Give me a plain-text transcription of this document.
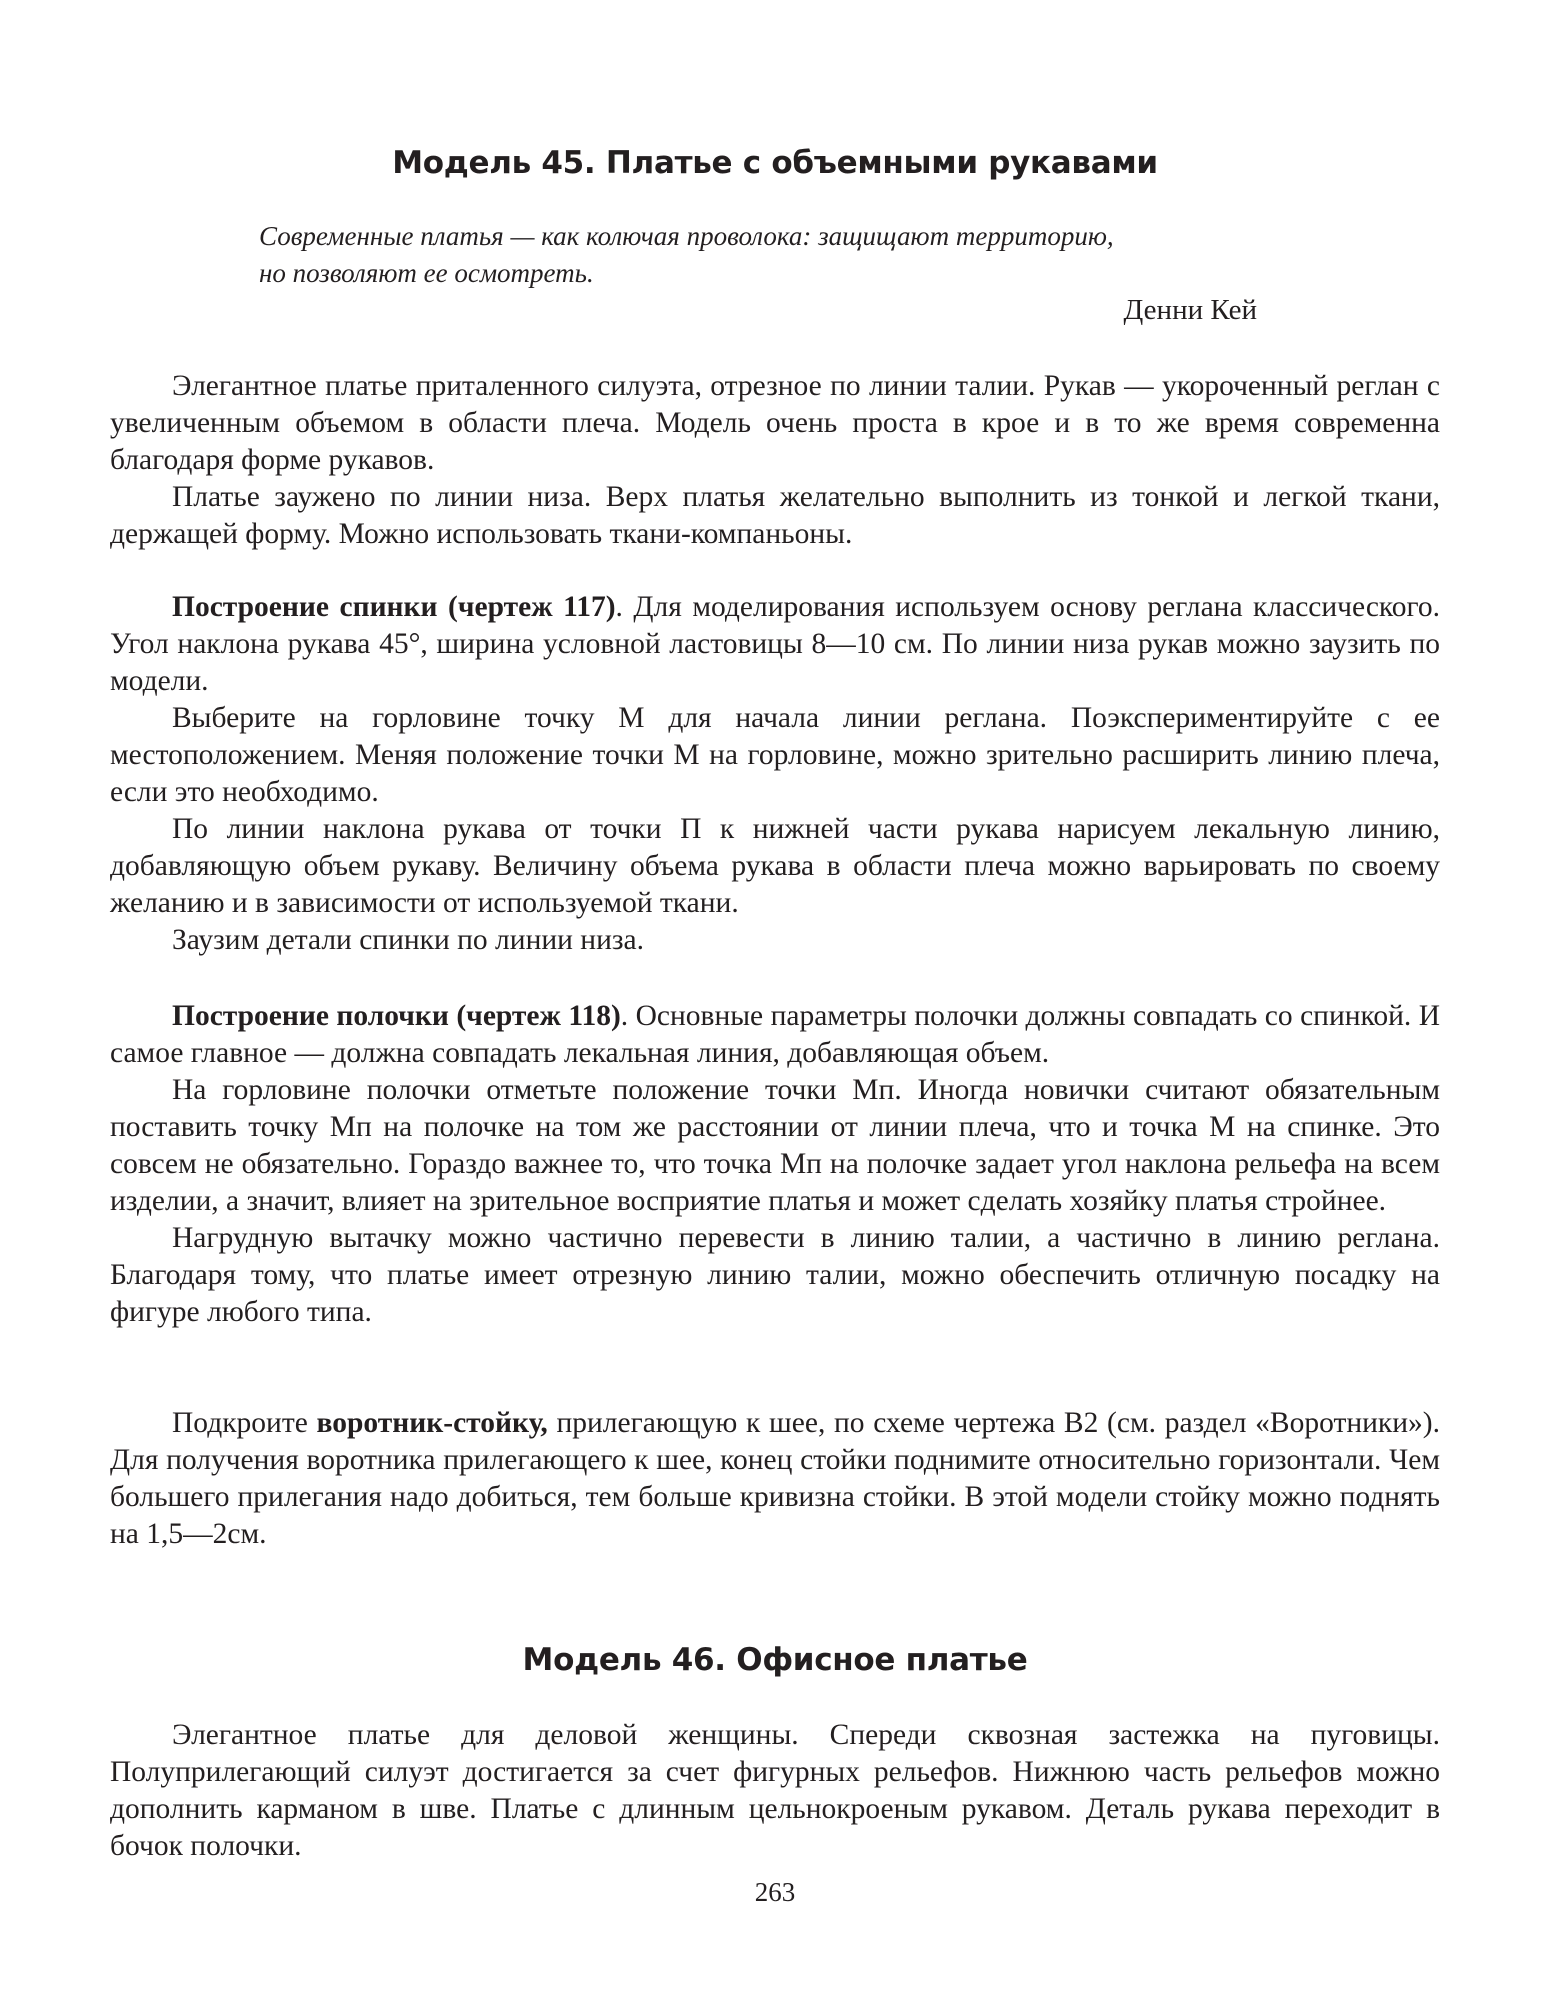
Модель 45. Платье с объемными рукавами

Современные платья — как колючая проволока: защищают территорию,

но позволяют ее осмотреть.

Денни Кей

Элегантное платье приталенного силуэта, отрезное по линии талии. Рукав — укороченный реглан с увеличенным объемом в области плеча. Модель очень проста в крое и в то же время современна благодаря форме рукавов.

Платье заужено по линии низа. Верх платья желательно выполнить из тонкой и легкой ткани, держащей форму. Можно использовать ткани-компаньоны.

Построение спинки (чертеж 117). Для моделирования используем основу реглана классического. Угол наклона рукава 45°, ширина условной ластовицы 8—10 см. По линии низа рукав можно заузить по модели.

Выберите на горловине точку М для начала линии реглана. Поэкспериментируйте с ее местоположением. Меняя положение точки М на горловине, можно зрительно расширить линию плеча, если это необходимо.

По линии наклона рукава от точки П к нижней части рукава нарисуем лекальную линию, добавляющую объем рукаву. Величину объема рукава в области плеча можно варьировать по своему желанию и в зависимости от используемой ткани.

Заузим детали спинки по линии низа.

Построение полочки (чертеж 118). Основные параметры полочки должны совпадать со спинкой. И самое главное — должна совпадать лекальная линия, добавляющая объем.

На горловине полочки отметьте положение точки Мп. Иногда новички считают обязательным поставить точку Мп на полочке на том же расстоянии от линии плеча, что и точка М на спинке. Это совсем не обязательно. Гораздо важнее то, что точка Мп на полочке задает угол наклона рельефа на всем изделии, а значит, влияет на зрительное восприятие платья и может сделать хозяйку платья стройнее.

Нагрудную вытачку можно частично перевести в линию талии, а частично в линию реглана. Благодаря тому, что платье имеет отрезную линию талии, можно обеспечить отличную посадку на фигуре любого типа.

Подкроите воротник-стойку, прилегающую к шее, по схеме чертежа В2 (см. раздел «Воротники»). Для получения воротника прилегающего к шее, конец стойки поднимите относительно горизонтали. Чем большего прилегания надо добиться, тем больше кривизна стойки. В этой модели стойку можно поднять на 1,5—2см.

Модель 46. Офисное платье

Элегантное платье для деловой женщины. Спереди сквозная застежка на пуговицы. Полуприлегающий силуэт достигается за счет фигурных рельефов. Нижнюю часть рельефов можно дополнить карманом в шве. Платье с длинным цельнокроеным рукавом. Деталь рукава переходит в бочок полочки.

263
